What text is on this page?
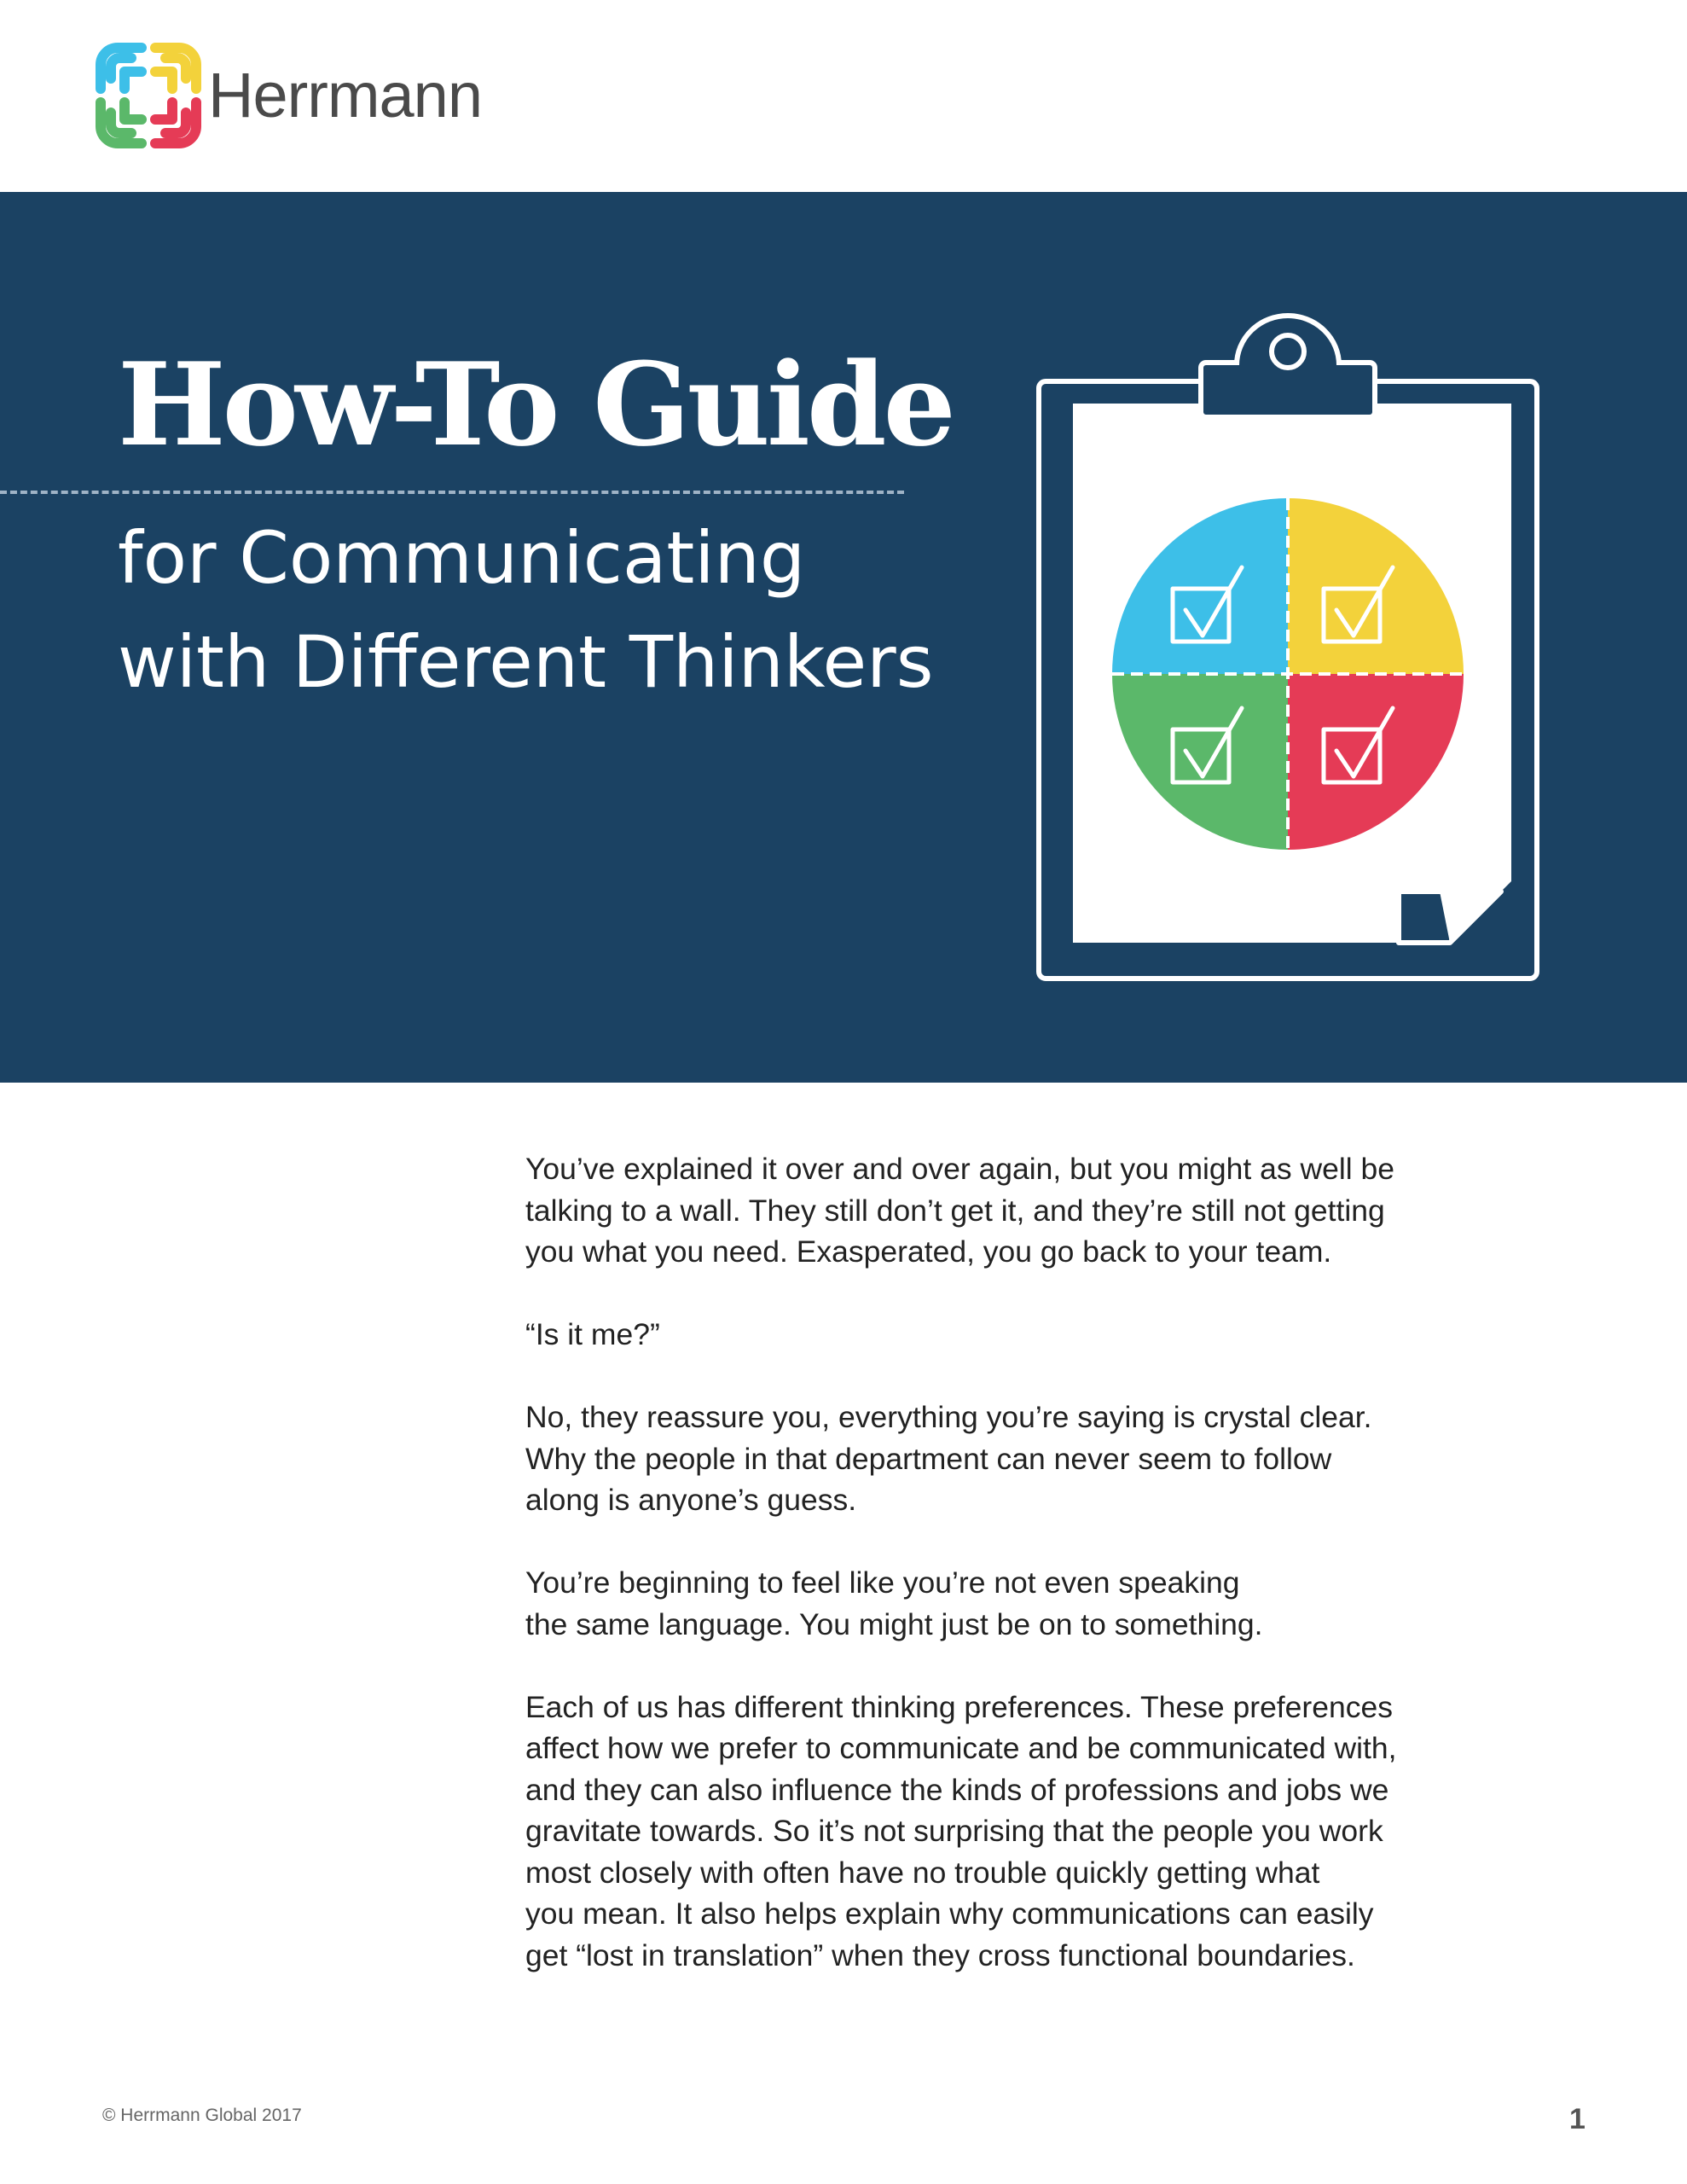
Herrmann
How-To Guide
for Communicating
with Different Thinkers

You’ve explained it over and over again, but you might as well be
talking to a wall. They still don’t get it, and they’re still not getting
you what you need. Exasperated, you go back to your team.

“Is it me?”

No, they reassure you, everything you’re saying is crystal clear.
Why the people in that department can never seem to follow
along is anyone’s guess.

You’re beginning to feel like you’re not even speaking
the same language. You might just be on to something.

Each of us has different thinking preferences. These preferences
affect how we prefer to communicate and be communicated with,
and they can also influence the kinds of professions and jobs we
gravitate towards. So it’s not surprising that the people you work
most closely with often have no trouble quickly getting what
you mean. It also helps explain why communications can easily
get “lost in translation” when they cross functional boundaries.

© Herrmann Global 2017	1
